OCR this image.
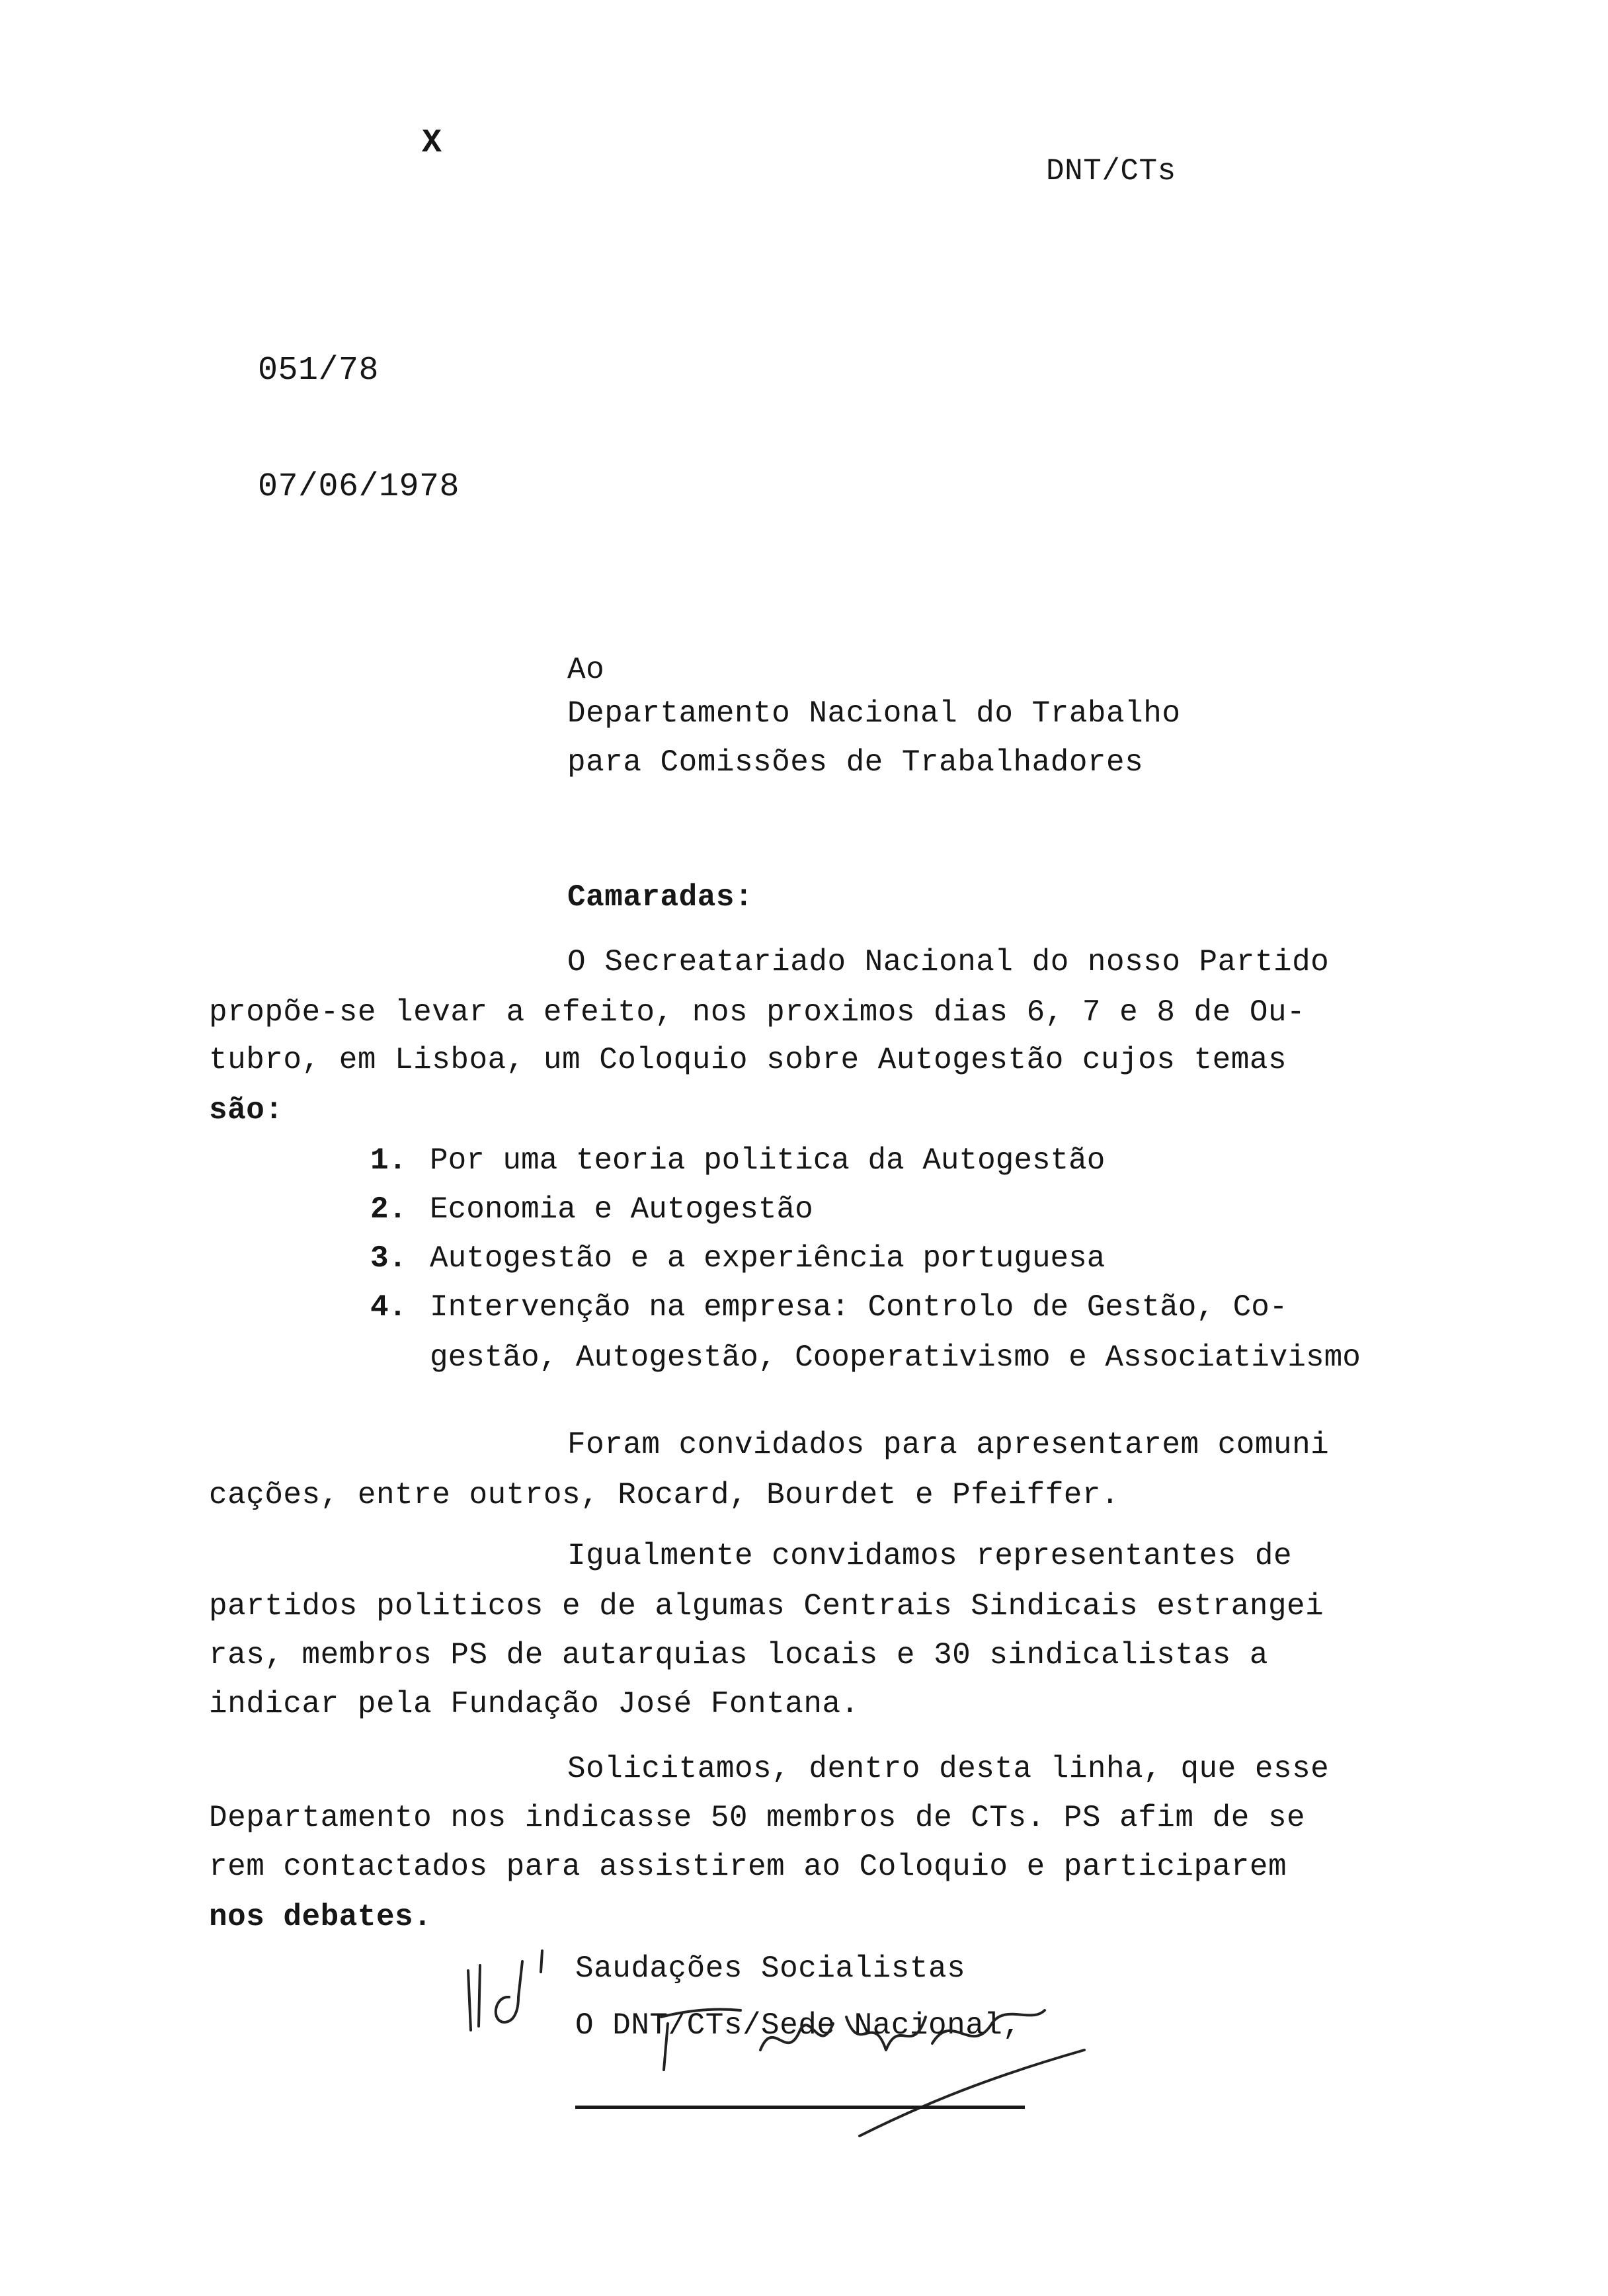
X
DNT/CTs
051/78
07/06/1978
Ao
Departamento Nacional do Trabalho
para Comissões de Trabalhadores
Camaradas:
O Secreatariado Nacional do nosso Partido
propõe-se levar a efeito, nos proximos dias 6, 7 e 8 de Ou-
tubro, em Lisboa, um Coloquio sobre Autogestão cujos temas
são:
1. Por uma teoria politica da Autogestão
2. Economia e Autogestão
3. Autogestão e a experiência portuguesa
4. Intervenção na empresa: Controlo de Gestão, Co-
gestão, Autogestão, Cooperativismo e Associativismo
Foram convidados para apresentarem comuni
cações, entre outros, Rocard, Bourdet e Pfeiffer.
Igualmente convidamos representantes de
partidos politicos e de algumas Centrais Sindicais estrangei
ras, membros PS de autarquias locais e 30 sindicalistas a
indicar pela Fundação José Fontana.
Solicitamos, dentro desta linha, que esse
Departamento nos indicasse 50 membros de CTs. PS afim de se
rem contactados para assistirem ao Coloquio e participarem
nos debates.
Saudações Socialistas
O DNT/CTs/Sede Nacional,
